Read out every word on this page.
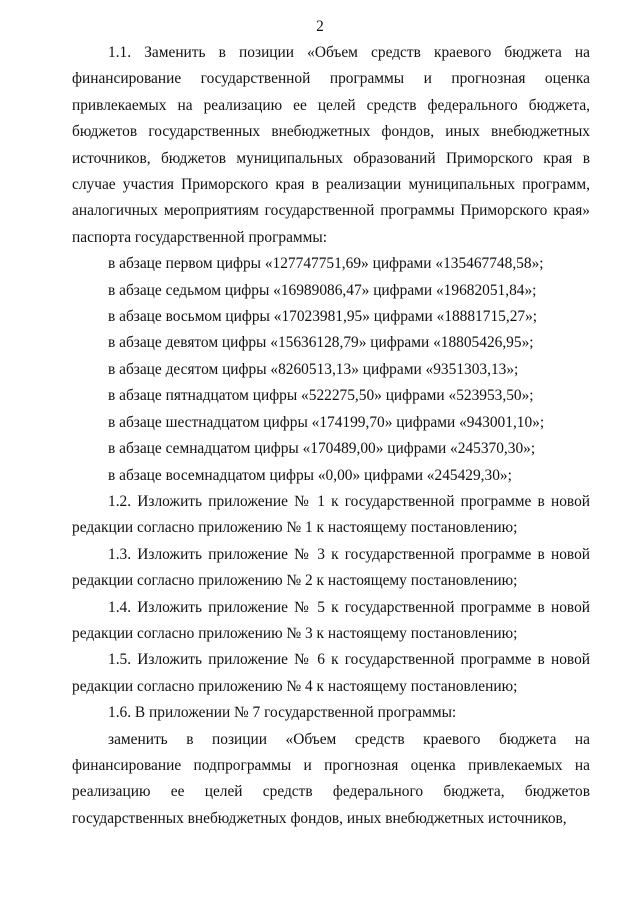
2

1.1. Заменить в позиции «Объем средств краевого бюджета на финансирование государственной программы и прогнозная оценка привлекаемых на реализацию ее целей средств федерального бюджета, бюджетов государственных внебюджетных фондов, иных внебюджетных источников, бюджетов муниципальных образований Приморского края в случае участия Приморского края в реализации муниципальных программ, аналогичных мероприятиям государственной программы Приморского края» паспорта государственной программы:

в абзаце первом цифры «127747751,69» цифрами «135467748,58»;

в абзаце седьмом цифры «16989086,47» цифрами «19682051,84»;

в абзаце восьмом цифры «17023981,95» цифрами «18881715,27»;

в абзаце девятом цифры «15636128,79» цифрами «18805426,95»;

в абзаце десятом цифры «8260513,13» цифрами «9351303,13»;

в абзаце пятнадцатом цифры «522275,50» цифрами «523953,50»;

в абзаце шестнадцатом цифры «174199,70» цифрами «943001,10»;

в абзаце семнадцатом цифры «170489,00» цифрами «245370,30»;

в абзаце восемнадцатом цифры «0,00» цифрами «245429,30»;

1.2. Изложить приложение № 1 к государственной программе в новой редакции согласно приложению № 1 к настоящему постановлению;

1.3. Изложить приложение № 3 к государственной программе в новой редакции согласно приложению № 2 к настоящему постановлению;

1.4. Изложить приложение № 5 к государственной программе в новой редакции согласно приложению № 3 к настоящему постановлению;

1.5. Изложить приложение № 6 к государственной программе в новой редакции согласно приложению № 4 к настоящему постановлению;

1.6. В приложении № 7 государственной программы:

заменить в позиции «Объем средств краевого бюджета на финансирование подпрограммы и прогнозная оценка привлекаемых на реализацию ее целей средств федерального бюджета, бюджетов государственных внебюджетных фондов, иных внебюджетных источников,
